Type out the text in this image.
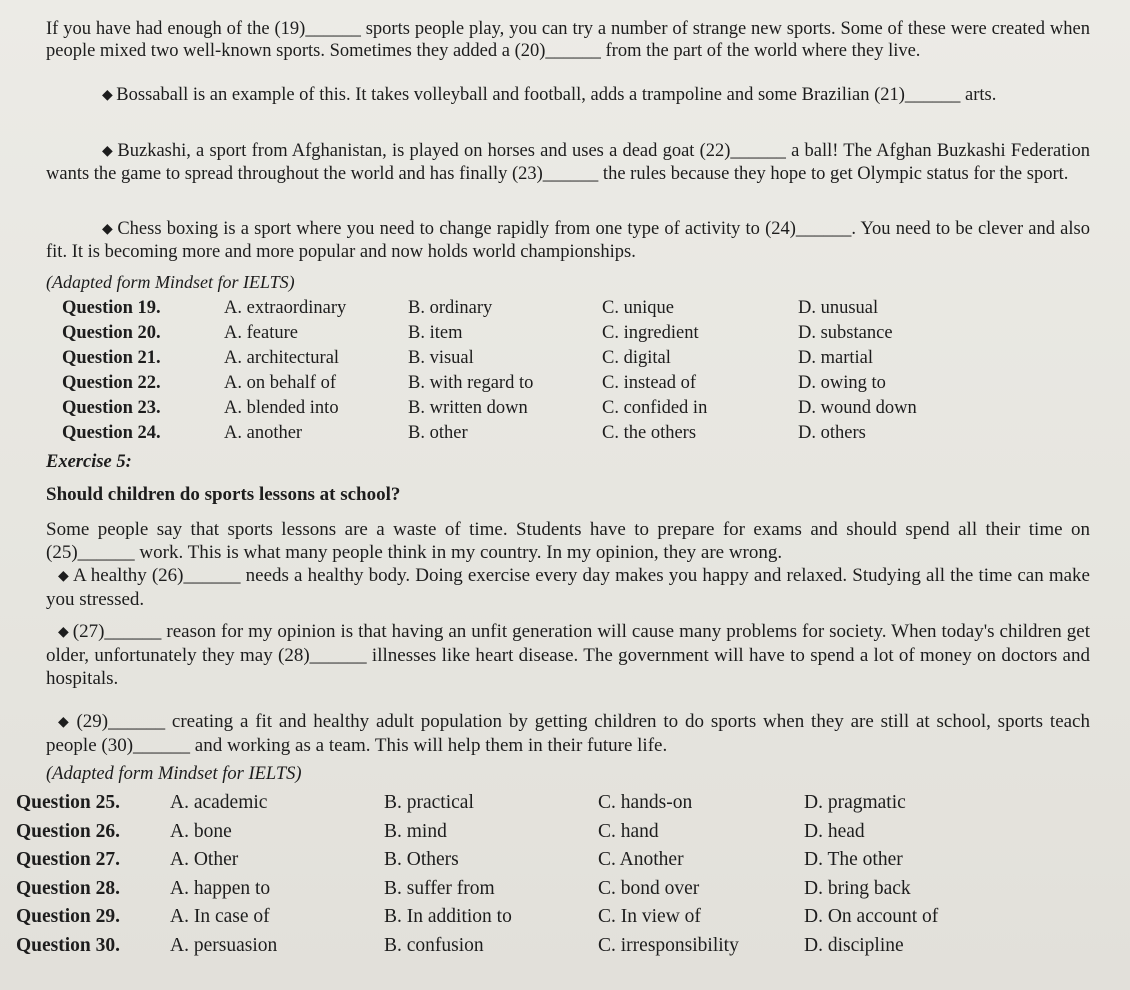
If you have had enough of the (19)______ sports people play, you can try a number of strange new sports. Some of these were created when people mixed two well-known sports. Sometimes they added a (20)______ from the part of the world where they live.

◆ Bossaball is an example of this. It takes volleyball and football, adds a trampoline and some Brazilian (21)______ arts.

◆ Buzkashi, a sport from Afghanistan, is played on horses and uses a dead goat (22)______ a ball! The Afghan Buzkashi Federation wants the game to spread throughout the world and has finally (23)______ the rules because they hope to get Olympic status for the sport.

◆ Chess boxing is a sport where you need to change rapidly from one type of activity to (24)______. You need to be clever and also fit. It is becoming more and more popular and now holds world championships.

(Adapted form Mindset for IELTS)
Question 19.	A. extraordinary	B. ordinary	C. unique	D. unusual
Question 20.	A. feature	B. item	C. ingredient	D. substance
Question 21.	A. architectural	B. visual	C. digital	D. martial
Question 22.	A. on behalf of	B. with regard to	C. instead of	D. owing to
Question 23.	A. blended into	B. written down	C. confided in	D. wound down
Question 24.	A. another	B. other	C. the others	D. others
Exercise 5:
Should children do sports lessons at school?

Some people say that sports lessons are a waste of time. Students have to prepare for exams and should spend all their time on (25)______ work. This is what many people think in my country. In my opinion, they are wrong.

◆ A healthy (26)______ needs a healthy body. Doing exercise every day makes you happy and relaxed. Studying all the time can make you stressed.

◆ (27)______ reason for my opinion is that having an unfit generation will cause many problems for society. When today's children get older, unfortunately they may (28)______ illnesses like heart disease. The government will have to spend a lot of money on doctors and hospitals.

◆ (29)______ creating a fit and healthy adult population by getting children to do sports when they are still at school, sports teach people (30)______ and working as a team. This will help them in their future life.

(Adapted form Mindset for IELTS)
Question 25.	A. academic	B. practical	C. hands-on	D. pragmatic
Question 26.	A. bone	B. mind	C. hand	D. head
Question 27.	A. Other	B. Others	C. Another	D. The other
Question 28.	A. happen to	B. suffer from	C. bond over	D. bring back
Question 29.	A. In case of	B. In addition to	C. In view of	D. On account of
Question 30.	A. persuasion	B. confusion	C. irresponsibility	D. discipline
